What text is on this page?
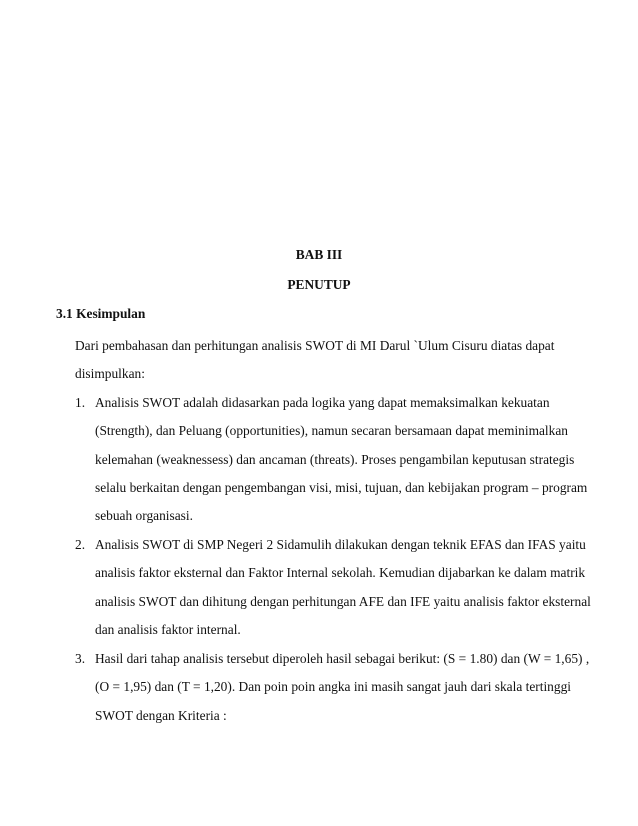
BAB III
PENUTUP
3.1 Kesimpulan
Dari pembahasan dan perhitungan analisis SWOT di MI Darul `Ulum Cisuru diatas dapat
disimpulkan:
1. Analisis SWOT adalah didasarkan pada logika yang dapat memaksimalkan kekuatan
(Strength), dan Peluang (opportunities), namun secaran bersamaan dapat meminimalkan
kelemahan (weaknessess) dan ancaman (threats). Proses pengambilan keputusan strategis
selalu berkaitan dengan pengembangan visi, misi, tujuan, dan kebijakan program – program
sebuah organisasi.
2. Analisis SWOT di SMP Negeri 2 Sidamulih dilakukan dengan teknik EFAS dan IFAS yaitu
analisis faktor eksternal dan Faktor Internal sekolah. Kemudian dijabarkan ke dalam matrik
analisis SWOT dan dihitung dengan perhitungan AFE dan IFE yaitu analisis faktor eksternal
dan analisis faktor internal.
3. Hasil dari tahap analisis tersebut diperoleh hasil sebagai berikut: (S = 1.80) dan (W = 1,65) ,
(O = 1,95) dan (T = 1,20). Dan poin poin angka ini masih sangat jauh dari skala tertinggi
SWOT dengan Kriteria :
